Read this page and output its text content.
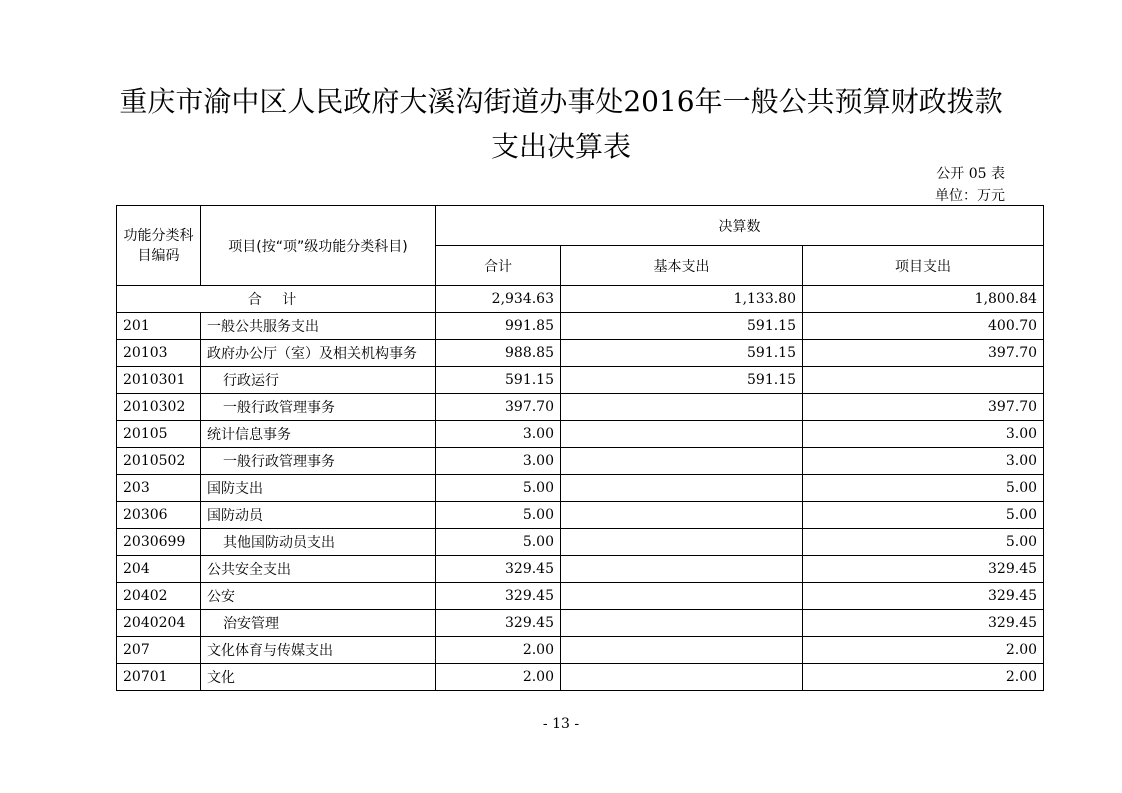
重庆市渝中区人民政府大溪沟街道办事处2016年一般公共预算财政拨款
支出决算表
公开 05 表
单位：万元
功能分类科目编码	项目(按“项”级功能分类科目)	决算数		
		合计	基本支出	项目支出
合 计		2,934.63	1,133.80	1,800.84
201	一般公共服务支出	991.85	591.15	400.70
20103	政府办公厅（室）及相关机构事务	988.85	591.15	397.70
2010301	行政运行	591.15	591.15	
2010302	一般行政管理事务	397.70		397.70
20105	统计信息事务	3.00		3.00
2010502	一般行政管理事务	3.00		3.00
203	国防支出	5.00		5.00
20306	国防动员	5.00		5.00
2030699	其他国防动员支出	5.00		5.00
204	公共安全支出	329.45		329.45
20402	公安	329.45		329.45
2040204	治安管理	329.45		329.45
207	文化体育与传媒支出	2.00		2.00
20701	文化	2.00		2.00
- 13 -
